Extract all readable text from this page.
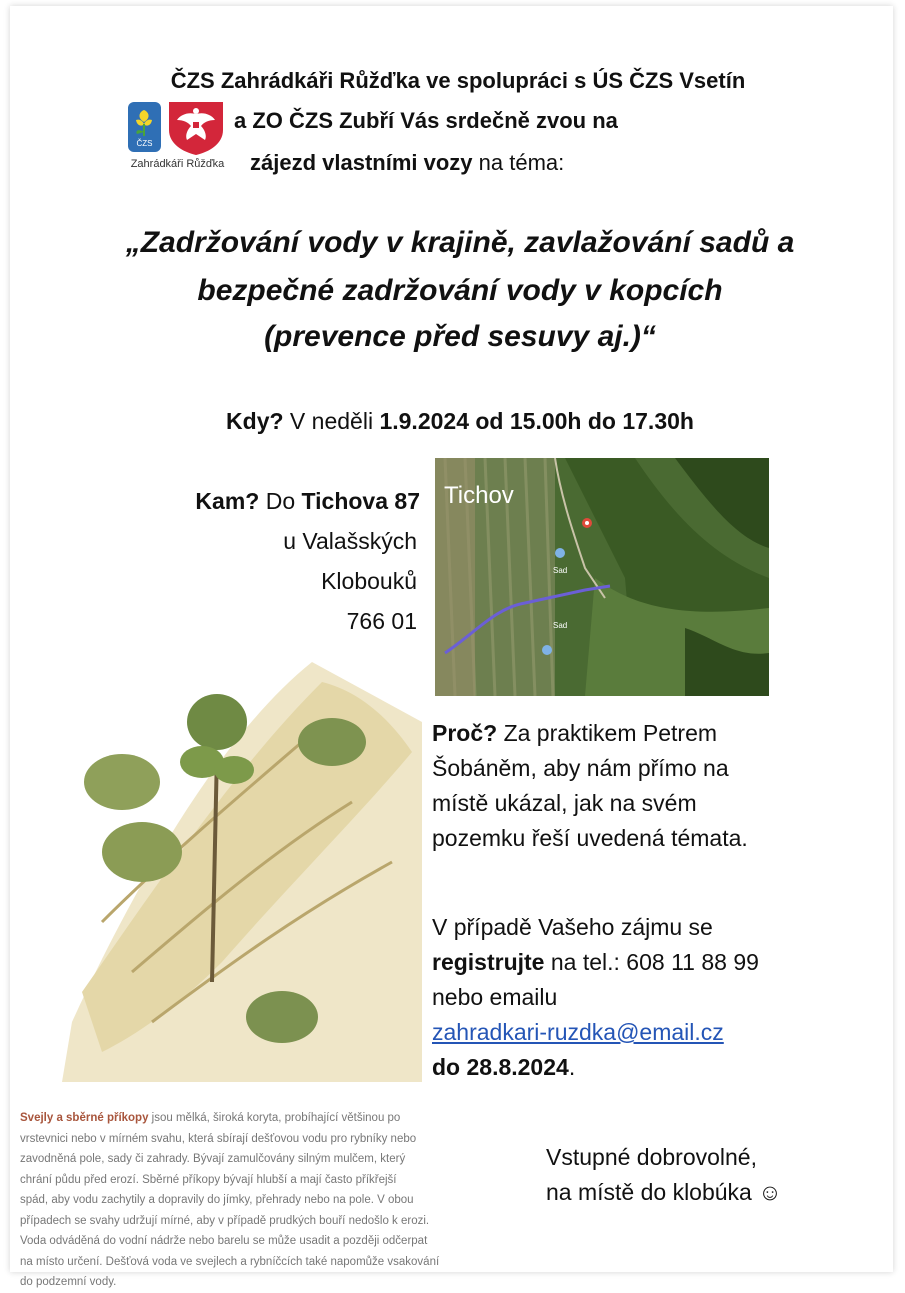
ČZS Zahrádkáři Růžďka ve spolupráci s ÚS ČZS Vsetín
a ZO ČZS Zubří Vás srdečně zvou na
zájezd vlastními vozy na téma:
ČZS
Zahrádkáři Růžďka
„Zadržování vody v krajině, zavlažování sadů a
bezpečné zadržování vody v kopcích
(prevence před sesuvy aj.)“
Kdy? V neděli 1.9.2024 od 15.00h do 17.30h
Kam? Do Tichova 87
u Valašských
Klobouků
766 01
Sad
Sad
Tichov
Proč? Za praktikem Petrem
Šobáněm, aby nám přímo na
místě ukázal, jak na svém
pozemku řeší uvedená témata.
V případě Vašeho zájmu se
registrujte na tel.: 608 11 88 99
nebo emailu
zahradkari-ruzdka@email.cz
do 28.8.2024.
Vstupné dobrovolné,
na místě do klobúka ☺
Svejly a sběrné příkopy jsou mělká, široká koryta, probíhající většinou po
vrstevnici nebo v mírném svahu, která sbírají dešťovou vodu pro rybníky nebo
zavodněná pole, sady či zahrady. Bývají zamulčovány silným mulčem, který
chrání půdu před erozí. Sběrné příkopy bývají hlubší a mají často příkřejší
spád, aby vodu zachytily a dopravily do jímky, přehrady nebo na pole. V obou
případech se svahy udržují mírné, aby v případě prudkých bouří nedošlo k erozi.
Voda odváděná do vodní nádrže nebo barelu se může usadit a později odčerpat
na místo určení. Dešťová voda ve svejlech a rybníčcích také napomůže vsakování
do podzemní vody.
